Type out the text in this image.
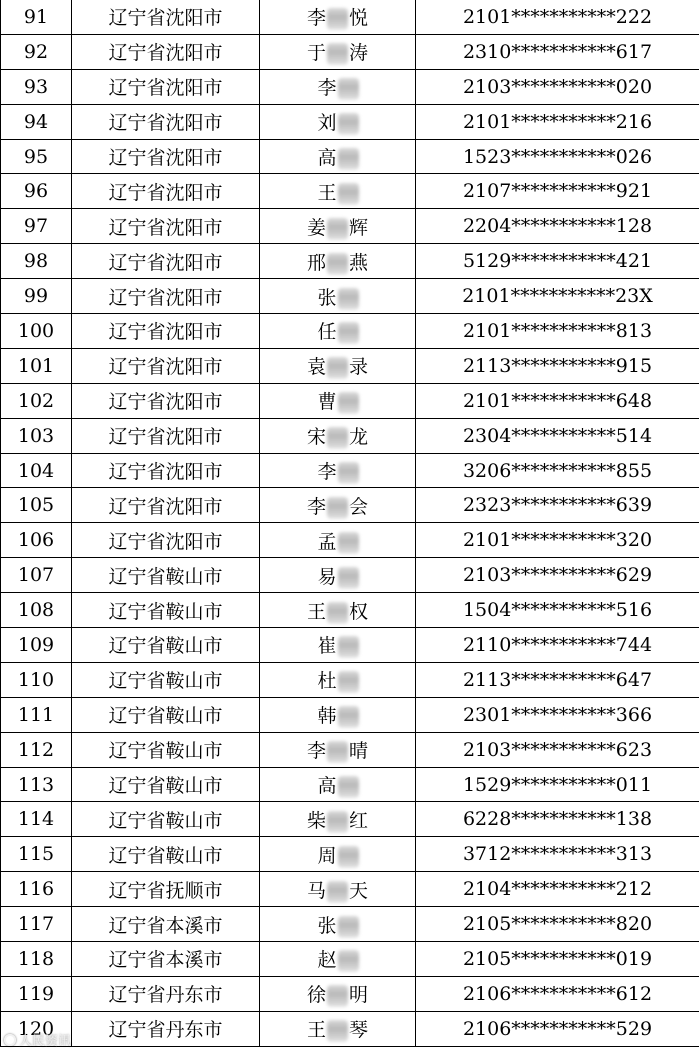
91	辽宁省沈阳市	李 悦	2101***********222
92	辽宁省沈阳市	于 涛	2310***********617
93	辽宁省沈阳市	李	2103***********020
94	辽宁省沈阳市	刘	2101***********216
95	辽宁省沈阳市	高	1523***********026
96	辽宁省沈阳市	王	2107***********921
97	辽宁省沈阳市	姜 辉	2204***********128
98	辽宁省沈阳市	邢 燕	5129***********421
99	辽宁省沈阳市	张	2101***********23X
100	辽宁省沈阳市	任	2101***********813
101	辽宁省沈阳市	袁 录	2113***********915
102	辽宁省沈阳市	曹	2101***********648
103	辽宁省沈阳市	宋 龙	2304***********514
104	辽宁省沈阳市	李	3206***********855
105	辽宁省沈阳市	李 会	2323***********639
106	辽宁省沈阳市	孟	2101***********320
107	辽宁省鞍山市	易	2103***********629
108	辽宁省鞍山市	王 权	1504***********516
109	辽宁省鞍山市	崔	2110***********744
110	辽宁省鞍山市	杜	2113***********647
111	辽宁省鞍山市	韩	2301***********366
112	辽宁省鞍山市	李 晴	2103***********623
113	辽宁省鞍山市	高	1529***********011
114	辽宁省鞍山市	柴 红	6228***********138
115	辽宁省鞍山市	周	3712***********313
116	辽宁省抚顺市	马 天	2104***********212
117	辽宁省本溪市	张	2105***********820
118	辽宁省本溪市	赵	2105***********019
119	辽宁省丹东市	徐 明	2106***********612
120	辽宁省丹东市	王 琴	2106***********529
人民资讯
